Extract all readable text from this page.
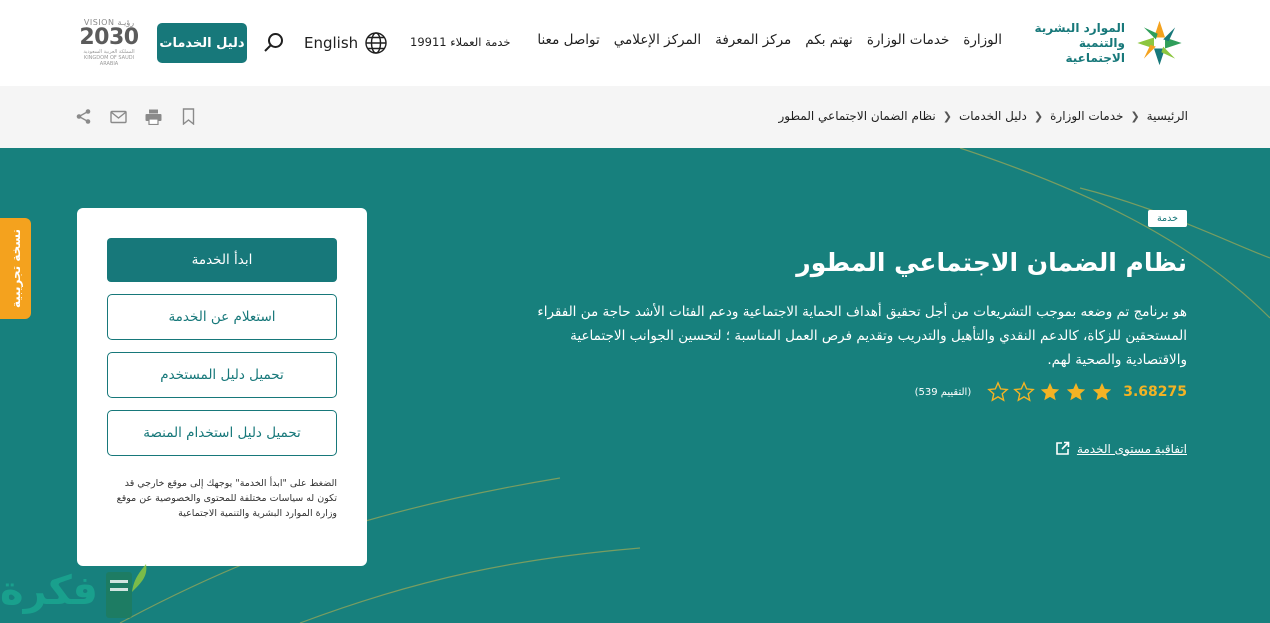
الموارد البشرية
والتنمية الاجتماعية
الوزارة
خدمات الوزارة
نهتم بكم
مركز المعرفة
المركز الإعلامي
تواصل معنا
خدمة العملاء 19911
English
دليل الخدمات
VISION رؤيـة
2030
المملكة العربية السعودية KINGDOM OF SAUDI ARABIA
الرئيسية
❮
خدمات الوزارة
❮
دليل الخدمات
❮
نظام الضمان الاجتماعي المطور
خدمة
نظام الضمان الاجتماعي المطور

هو برنامج تم وضعه بموجب التشريعات من أجل تحقيق أهداف الحماية الاجتماعية ودعم الفئات الأشد حاجة من الفقراء المستحقين للزكاة، كالدعم النقدي والتأهيل والتدريب وتقديم فرص العمل المناسبة ؛ لتحسين الجوانب الاجتماعية والاقتصادية والصحية لهم.

3.68275
(التقييم 539)
اتفاقية مستوى الخدمة
ابدأ الخدمة
استعلام عن الخدمة
تحميل دليل المستخدم
تحميل دليل استخدام المنصة

الضغط على "ابدأ الخدمة" يوجهك إلى موقع خارجي قد تكون له سياسات مختلفة للمحتوى والخصوصية عن موقع وزارة الموارد البشرية والتنمية الاجتماعية

نسخة تجريبية
فكرة
